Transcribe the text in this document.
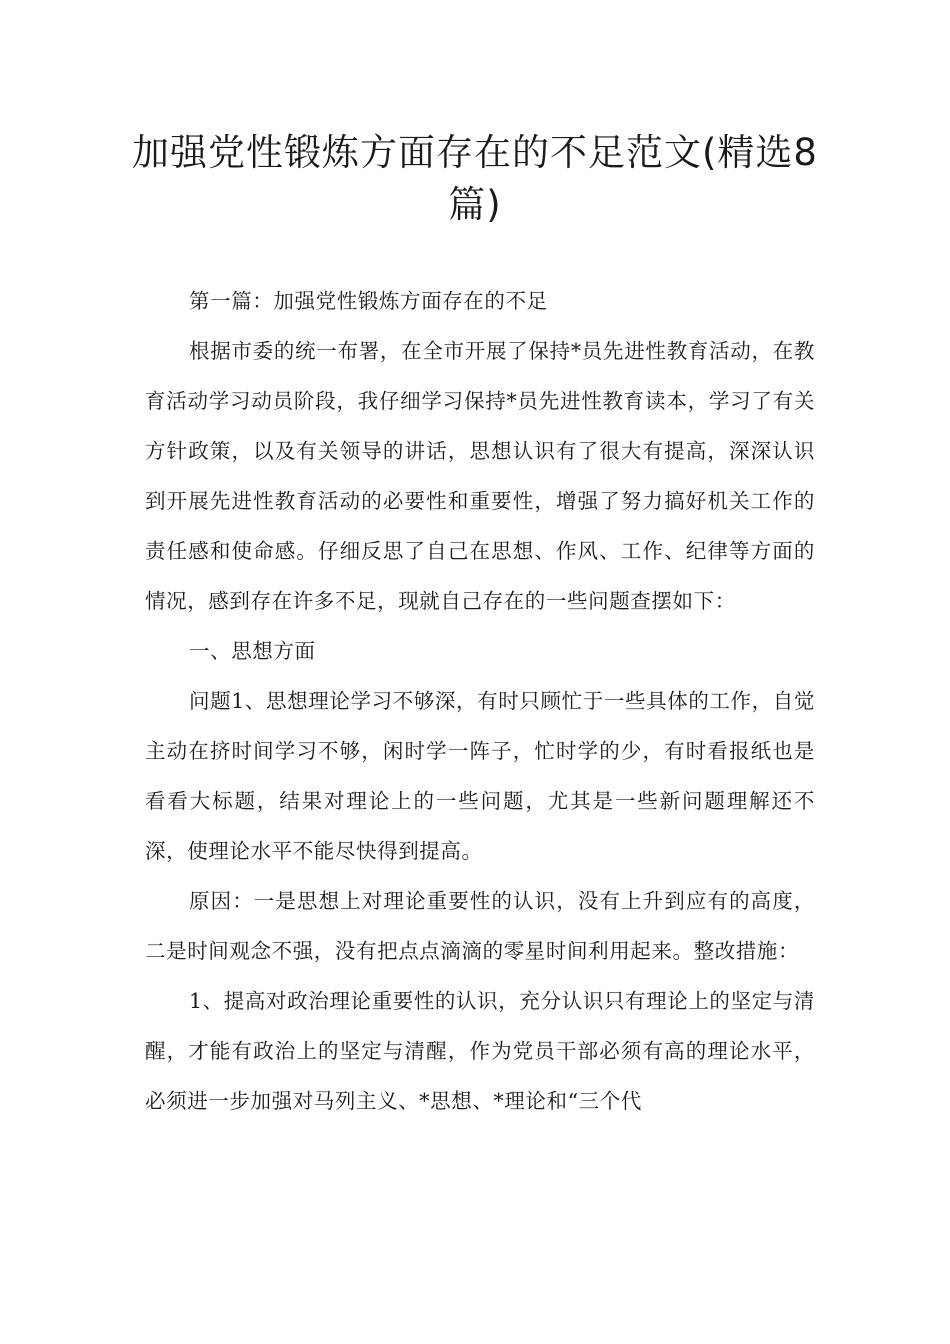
加强党性锻炼方面存在的不足范文(精选8篇)

第一篇：加强党性锻炼方面存在的不足

根据市委的统一布署，在全市开展了保持*员先进性教育活动，在教育活动学习动员阶段，我仔细学习保持*员先进性教育读本，学习了有关方针政策，以及有关领导的讲话，思想认识有了很大有提高，深深认识到开展先进性教育活动的必要性和重要性，增强了努力搞好机关工作的责任感和使命感。仔细反思了自己在思想、作风、工作、纪律等方面的情况，感到存在许多不足，现就自己存在的一些问题查摆如下：

一、思想方面

问题1、思想理论学习不够深，有时只顾忙于一些具体的工作，自觉主动在挤时间学习不够，闲时学一阵子，忙时学的少，有时看报纸也是看看大标题，结果对理论上的一些问题，尤其是一些新问题理解还不深，使理论水平不能尽快得到提高。

原因：一是思想上对理论重要性的认识，没有上升到应有的高度，二是时间观念不强，没有把点点滴滴的零星时间利用起来。整改措施：

1、提高对政治理论重要性的认识，充分认识只有理论上的坚定与清醒，才能有政治上的坚定与清醒，作为党员干部必须有高的理论水平，必须进一步加强对马列主义、*思想、*理论和“三个代
